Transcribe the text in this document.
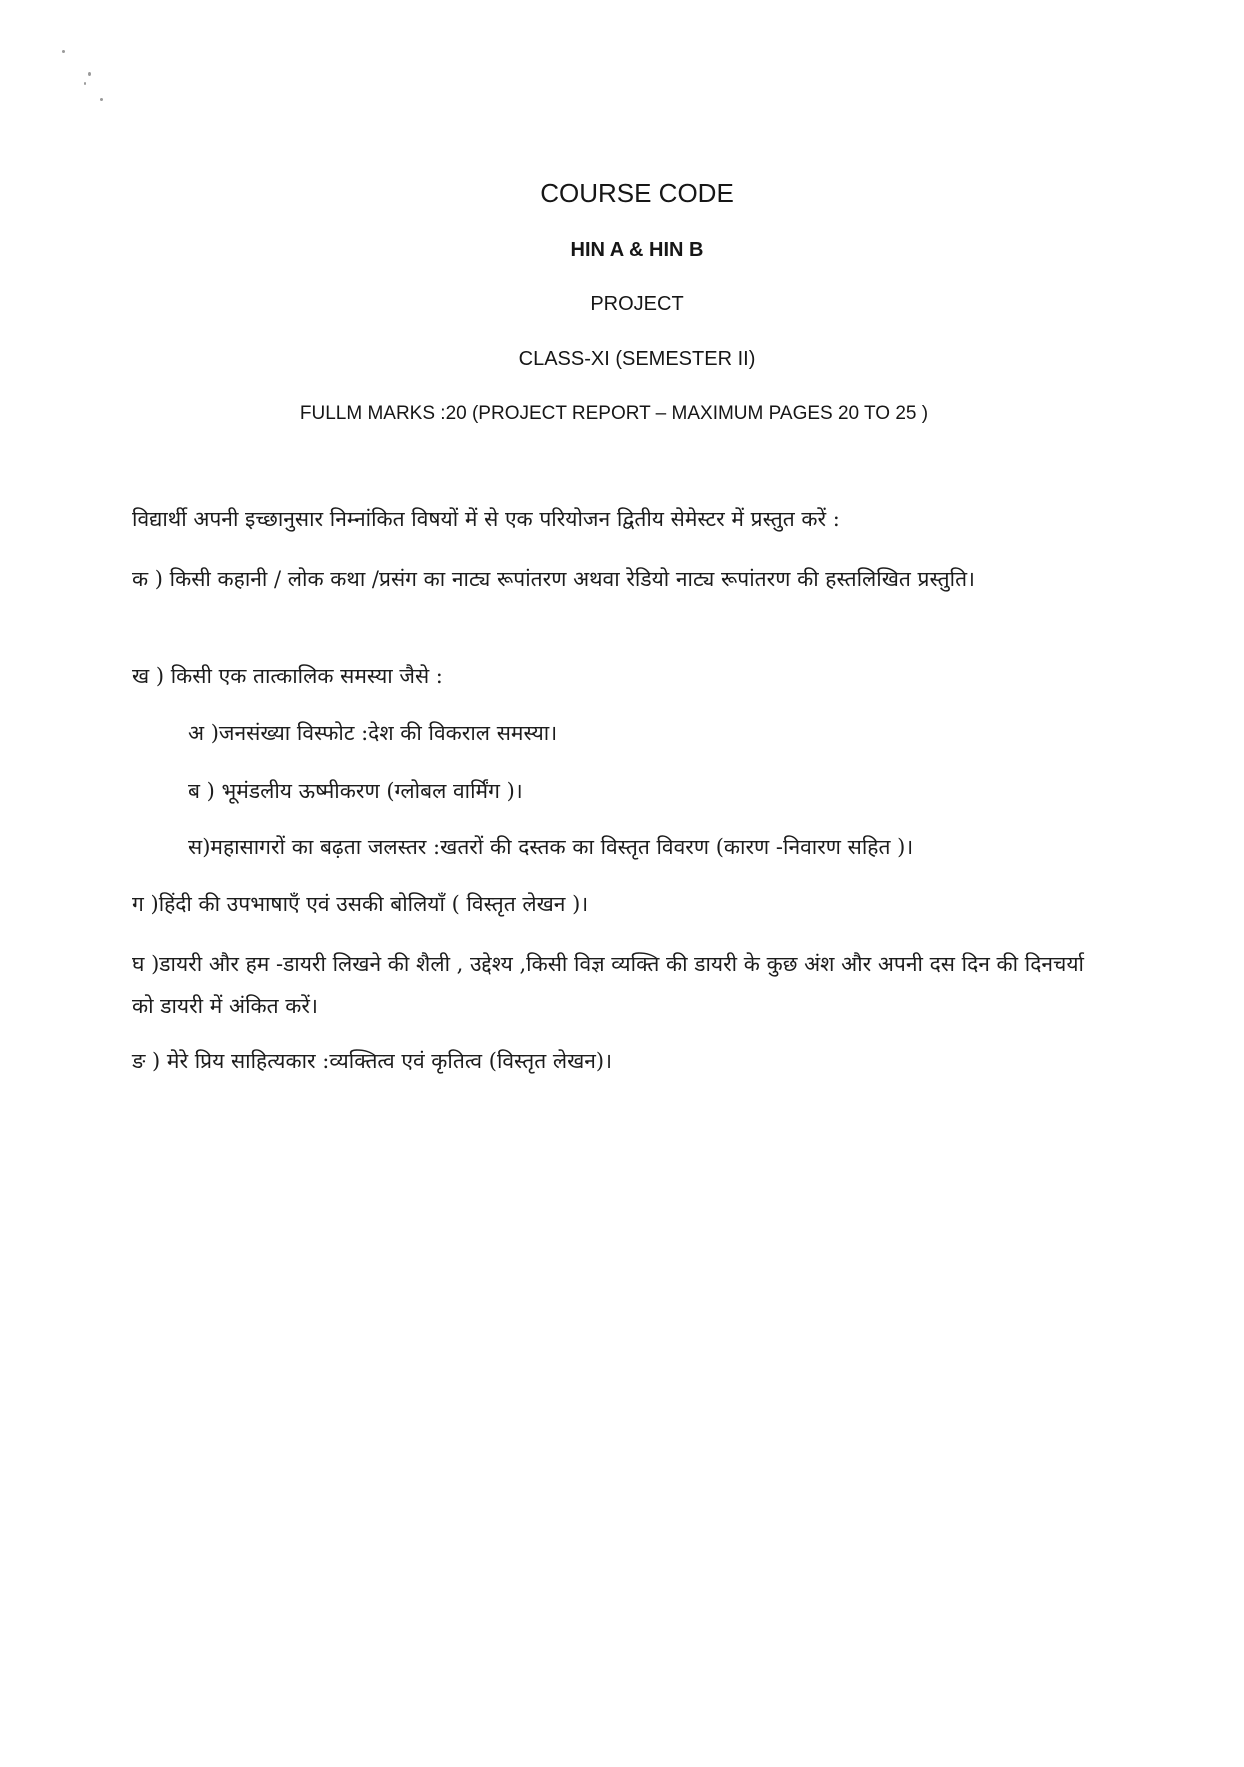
COURSE CODE
HIN A & HIN B
PROJECT
CLASS-XI (SEMESTER II)
FULLM MARKS :20 (PROJECT REPORT – MAXIMUM PAGES 20 TO 25 )

विद्यार्थी अपनी इच्छानुसार निम्नांकित विषयों में से एक परियोजन द्वितीय सेमेस्टर में प्रस्तुत करें :

क ) किसी कहानी / लोक कथा /प्रसंग का नाट्य रूपांतरण अथवा रेडियो नाट्य रूपांतरण की हस्तलिखित प्रस्तुति।

ख ) किसी एक तात्कालिक समस्या जैसे :

अ )जनसंख्या विस्फोट :देश की विकराल समस्या।

ब ) भूमंडलीय ऊष्मीकरण (ग्लोबल वार्मिंग )।

स)महासागरों का बढ़ता जलस्तर :खतरों की दस्तक का विस्तृत विवरण (कारण -निवारण सहित )।

ग )हिंदी की उपभाषाएँ एवं उसकी बोलियाँ ( विस्तृत लेखन )।

घ )डायरी और हम -डायरी लिखने की शैली , उद्देश्य ,किसी विज्ञ व्यक्ति की डायरी के कुछ अंश और अपनी दस दिन की दिनचर्या को डायरी में अंकित करें।

ङ ) मेरे प्रिय साहित्यकार :व्यक्तित्व एवं कृतित्व (विस्तृत लेखन)।
